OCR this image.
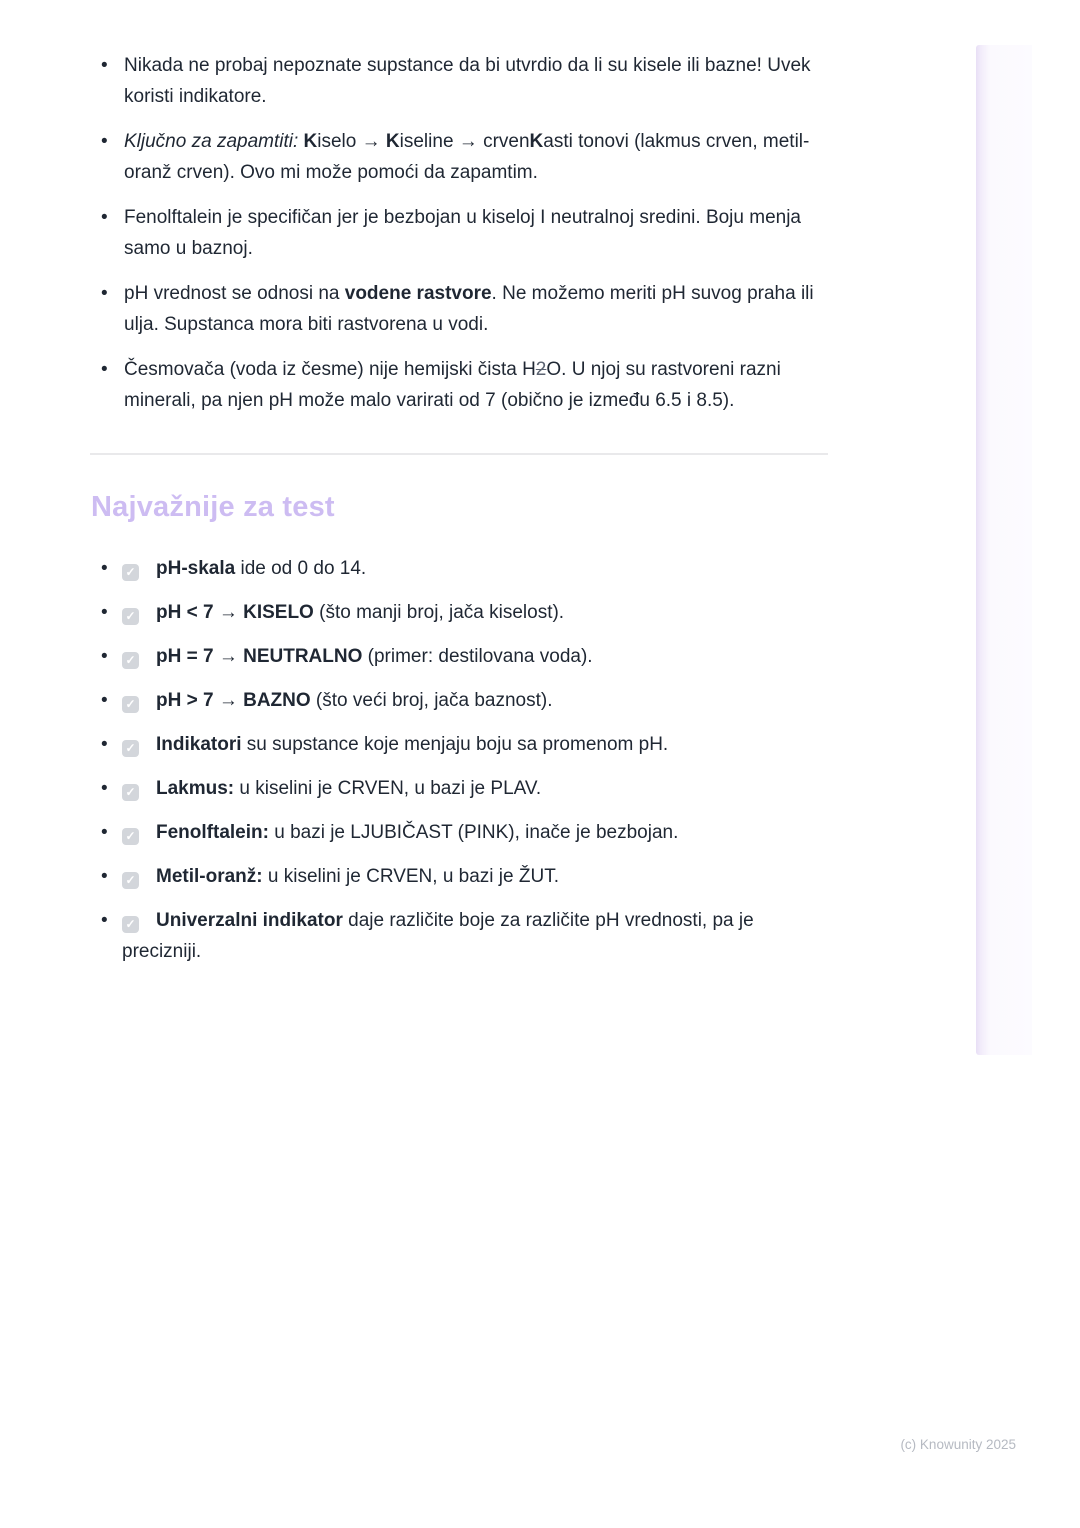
• Nikada ne probaj nepoznate supstance da bi utvrdio da li su kisele ili bazne! Uvek koristi indikatore.
• Ključno za zapamtiti: Kiselo → Kiseline → crvenKasti tonovi (lakmus crven, metil-oranž crven). Ovo mi može pomoći da zapamtim.
• Fenolftalein je specifičan jer je bezbojan u kiseloj I neutralnoj sredini. Boju menja samo u baznoj.
• pH vrednost se odnosi na vodene rastvore. Ne možemo meriti pH suvog praha ili ulja. Supstanca mora biti rastvorena u vodi.
• Česmovača (voda iz česme) nije hemijski čista H2O. U njoj su rastvoreni razni minerali, pa njen pH može malo varirati od 7 (obično je između 6.5 i 8.5).
Najvažnije za test
• ✓ pH-skala ide od 0 do 14.
• ✓ pH < 7 → KISELO (što manji broj, jača kiselost).
• ✓ pH = 7 → NEUTRALNO (primer: destilovana voda).
• ✓ pH > 7 → BAZNO (što veći broj, jača baznost).
• ✓ Indikatori su supstance koje menjaju boju sa promenom pH.
• ✓ Lakmus: u kiselini je CRVEN, u bazi je PLAV.
• ✓ Fenolftalein: u bazi je LJUBIČAST (PINK), inače je bezbojan.
• ✓ Metil-oranž: u kiselini je CRVEN, u bazi je ŽUT.
• ✓ Univerzalni indikator daje različite boje za različite pH vrednosti, pa je precizniji.
(c) Knowunity 2025
